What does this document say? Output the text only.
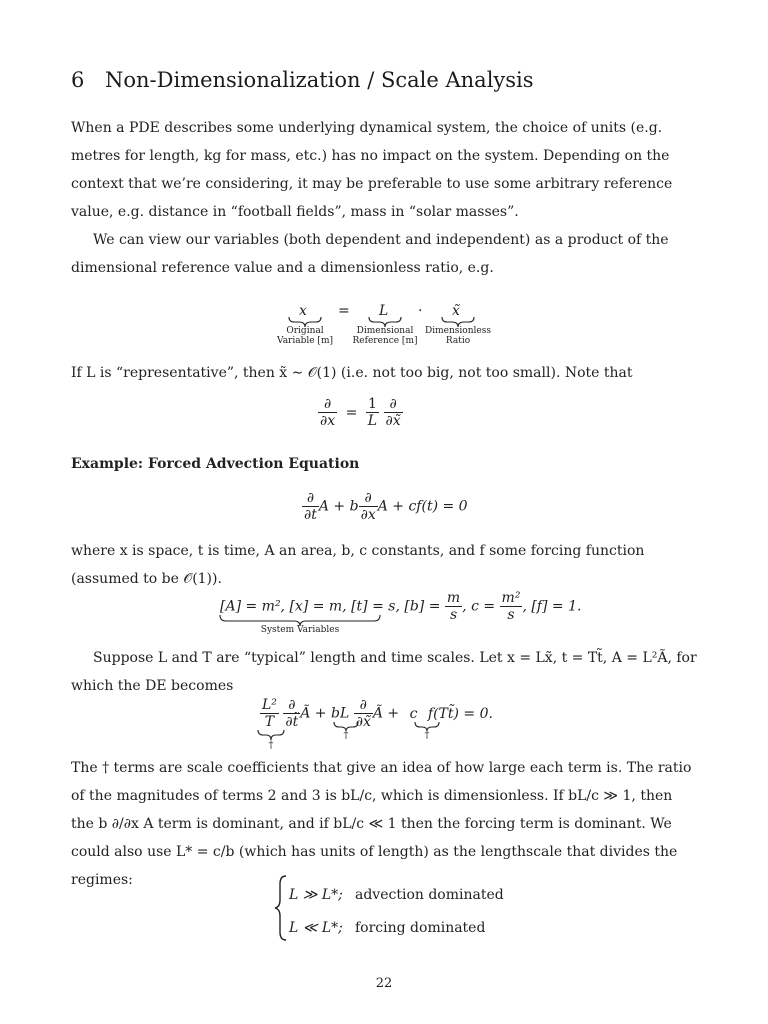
6 Non-Dimensionalization / Scale Analysis

When a PDE describes some underlying dynamical system, the choice of units (e.g. metres for length, kg for mass, etc.) has no impact on the system. Depending on the context that we’re considering, it may be preferable to use some arbitrary reference value, e.g. distance in “football fields”, mass in “solar masses”.

We can view our variables (both dependent and independent) as a product of the dimensional reference value and a dimensionless ratio, e.g.

x = L · x̃
Original
Variable [m]
Dimensional
Reference [m]
Dimensionless
Ratio

If L is “representative”, then x̃ ∼ 𝒪(1) (i.e. not too big, not too small). Note that

$\frac{\partial}{\partial x} = \frac{1}{L}$
$\frac{\partial}{\partial x̃}$
Example: Forced Advection Equation
$\frac{\partial}{\partial t}$ A + b $\frac{\partial}{\partial x}$ A + cf(t) = 0

where x is space, t is time, A an area, b, c constants, and f some forcing function (assumed to be 𝒪(1)).

[A] = m², [x] = m, [t] = s, $[b] = \frac{m}{s}$ , $c = \frac{\text{m²}}{s}$ , [f] = 1.
System Variables

Suppose L and T are “typical” length and time scales. Let x = Lx̃, t = Tt̃, A = L²Ã, for which the DE becomes

$\frac{\text{L²}}{T}$
$\frac{\partial}{\partial t̃}$ Ã + bL $\frac{\partial}{\partial x̃}$ Ã + c f(Tt̃) = 0.
†
†	†

The † terms are scale coefficients that give an idea of how large each term is. The ratio of the magnitudes of terms 2 and 3 is bL/c, which is dimensionless. If bL/c ≫ 1, then the b ∂/∂x A term is dominant, and if bL/c ≪ 1 then the forcing term is dominant. We could also use L* = c/b (which has units of length) as the lengthscale that divides the regimes:

L ≫ L*; advection dominated
L ≪ L*; forcing dominated
22
